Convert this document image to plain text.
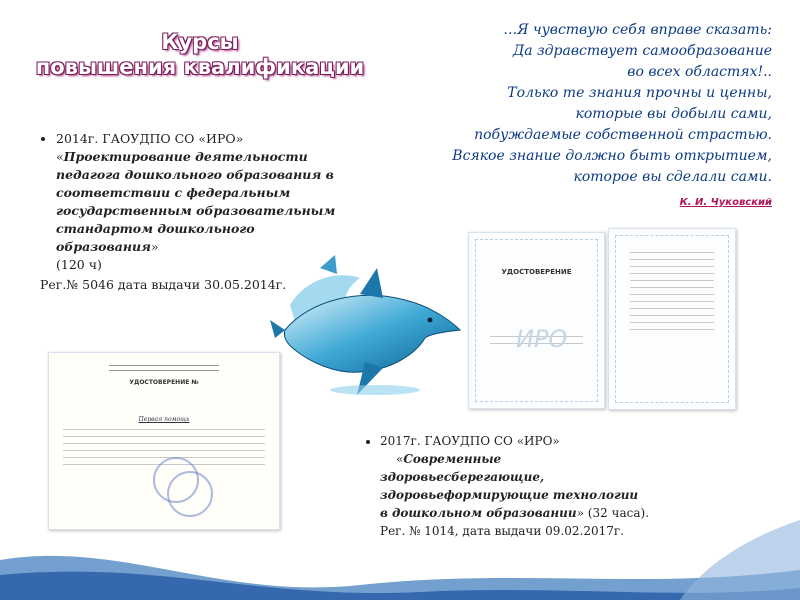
Курсы
повышения квалификации
…Я чувствую себя вправе сказать:
Да здравствует самообразование
во всех областях!..
Только те знания прочны и ценны,
которые вы добыли сами,
побуждаемые собственной страстью.
Всякое знание должно быть открытием,
которое вы сделали сами.
К. И. Чуковский
• 2014г. ГАОУДПО СО «ИРО»
«Проектирование деятельности педагога дошкольного образования в соответствии с федеральным государственным образовательным стандартом дошкольного образования»
(120 ч)
Рег.№ 5046 дата выдачи 30.05.2014г.
УДОСТОВЕРЕНИЕ
ИРО
УДОСТОВЕРЕНИЕ №
Первая помощь
• 2017г. ГАОУДПО СО «ИРО»
«Современные здоровьесберегающие, здоровьеформирующие технологии в дошкольном образовании» (32 часа).
Рег. № 1014, дата выдачи 09.02.2017г.
